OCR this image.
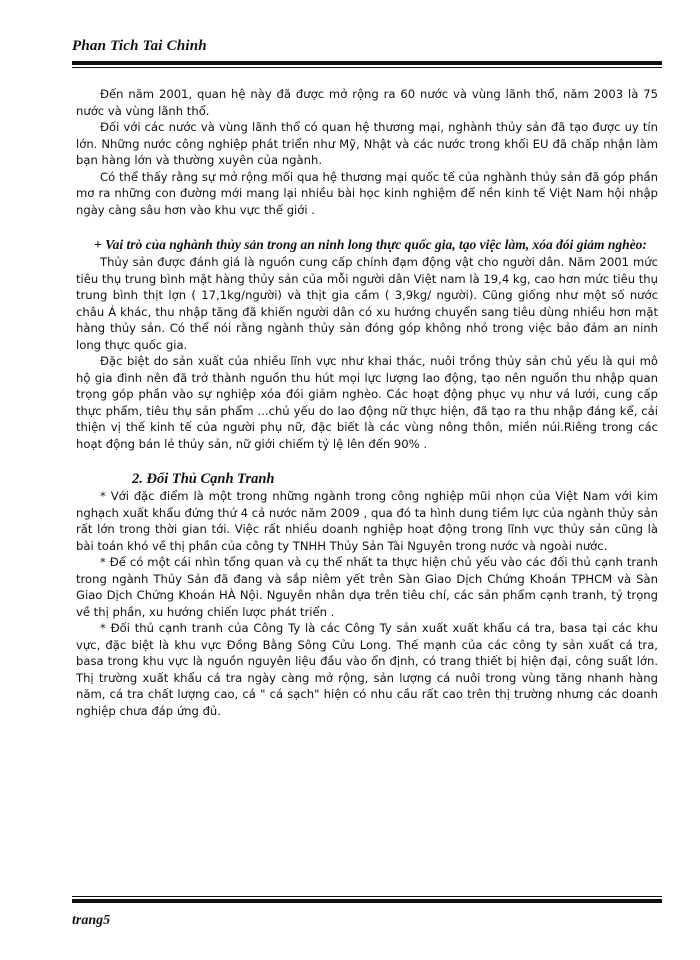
Phan Tich Tai Chinh

Đến năm 2001, quan hệ này đã được mở rộng ra 60 nước và vùng lãnh thổ, năm 2003 là 75 nước và vùng lãnh thổ.

Đối với các nước và vùng lãnh thổ có quan hệ thương mại, nghành thủy sản đã tạo được uy tín lớn. Những nước công nghiệp phát triển như Mỹ, Nhật và các nước trong khối EU đã chấp nhận làm bạn hàng lớn và thường xuyên của ngành.

Có thể thấy rằng sự mở rộng mối qua hệ thương mại quốc tế của nghành thủy sản đã góp phần mơ ra những con đường mới mang lại nhiều bài học kinh nghiệm để nền kinh tế Việt Nam hội nhập ngày càng sâu hơn vào khu vực thế giới .

+ Vai trò của nghành thủy sản trong an ninh long thực quốc gia, tạo việc làm, xóa đói giảm nghèo:

Thủy sản được đánh giá là nguồn cung cấp chính đạm động vật cho người dân. Năm 2001 mức tiêu thụ trung bình mặt hàng thủy sản của mỗi người dân Việt nam là 19,4 kg, cao hơn mức tiêu thụ trung bình thịt lợn ( 17,1kg/người) và thịt gia cầm ( 3,9kg/ người). Cũng giống như một số nước châu Á khác, thu nhập tăng đã khiến người dân có xu hướng chuyển sang tiêu dùng nhiều hơn mặt hàng thủy sản. Có thể nói rằng ngành thủy sản đóng góp không nhỏ trong việc bảo đảm an ninh long thực quốc gia.

Đặc biệt do sản xuất của nhiều lĩnh vực như khai thác, nuôi trồng thủy sản chủ yếu là qui mô hộ gia đình nên đã trở thành nguồn thu hút mọi lực lượng lao động, tạo nên nguồn thu nhập quan trọng góp phần vào sự nghiệp xóa đói giảm nghèo. Các hoạt động phục vụ như vá lưới, cung cấp thực phẩm, tiêu thụ sản phẩm ...chủ yếu do lao động nữ thực hiện, đã tạo ra thu nhập đáng kể, cải thiện vị thế kinh tế của người phụ nữ, đặc biết là các vùng nông thôn, miền núi.Riêng trong các hoạt động bán lẻ thủy sản, nữ giới chiếm tỷ lệ lên đến 90% .

2. Đối Thủ Cạnh Tranh

* Với đặc điểm là một trong những ngành trong công nghiệp mũi nhọn của Việt Nam với kim nghạch xuất khẩu đứng thứ 4 cả nước năm 2009 , qua đó ta hình dung tiềm lực của ngành thủy sản rất lớn trong thời gian tới. Việc rất nhiều doanh nghiệp hoạt động trong lĩnh vực thủy sản cũng là bài toán khó về thị phần của công ty TNHH Thủy Sản Tài Nguyên trong nước và ngoài nước.

* Để có một cái nhìn tổng quan và cụ thể nhất ta thực hiện chủ yếu vào các đối thủ cạnh tranh trong ngành Thủy Sản đã đang và sắp niêm yết trên Sàn Giao Dịch Chứng Khoán TPHCM và Sàn Giao Dịch Chứng Khoán HÀ Nội. Nguyên nhân dựa trên tiêu chí, các sản phẩm cạnh tranh, tỷ trọng về thị phần, xu hướng chiến lược phát triển .

* Đối thủ cạnh tranh của Công Ty là các Công Ty sản xuất xuất khẩu cá tra, basa tại các khu vực, đặc biệt là khu vực Đồng Bằng Sông Cửu Long. Thế mạnh của các công ty sản xuất cá tra, basa trong khu vực là nguồn nguyên liệu đầu vào ổn định, có trang thiết bị hiện đại, công suất lớn. Thị trường xuất khẩu cá tra ngày càng mở rộng, sản lượng cá nuôi trong vùng tăng nhanh hàng năm, cá tra chất lượng cao, cá " cá sạch" hiện có nhu cầu rất cao trên thị trường nhưng các doanh nghiệp chưa đáp ứng đủ.

trang5
